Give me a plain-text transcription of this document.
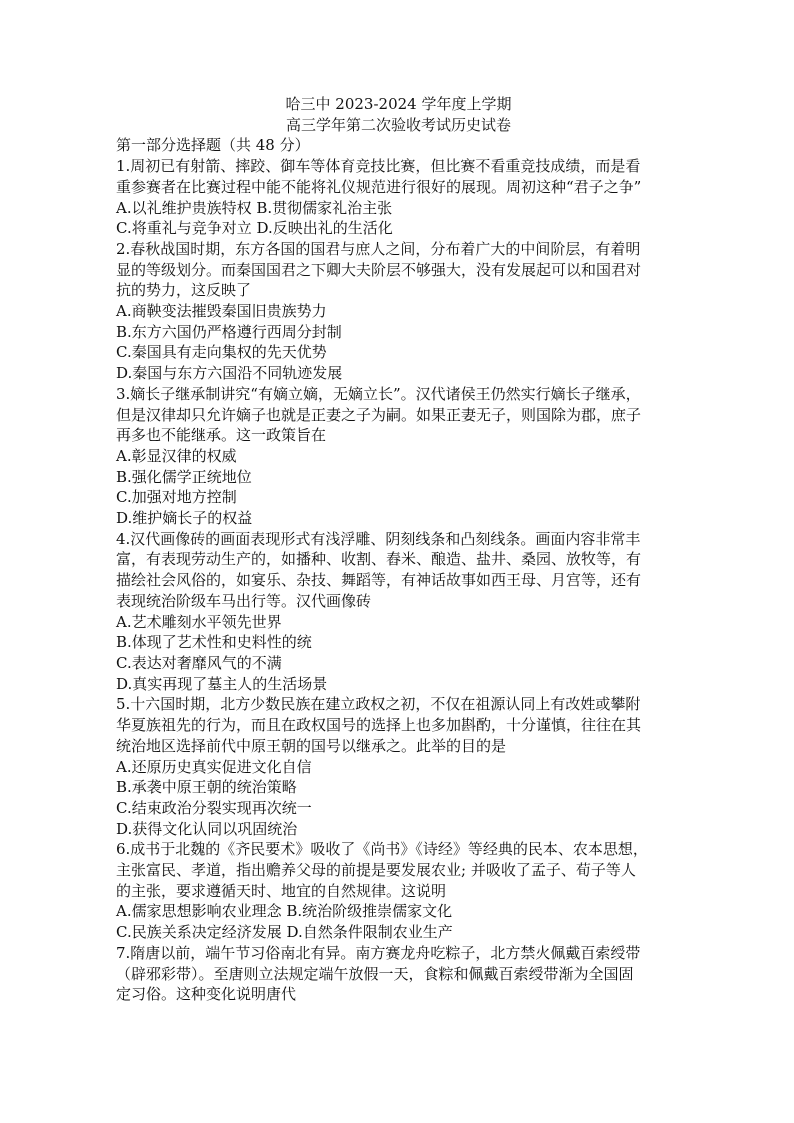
哈三中 2023-2024 学年度上学期
高三学年第二次验收考试历史试卷
第一部分选择题（共 48 分）
1.周初已有射箭、摔跤、御车等体育竞技比赛，但比赛不看重竞技成绩，而是看
重参赛者在比赛过程中能不能将礼仪规范进行很好的展现。周初这种“君子之争”
A.以礼维护贵族特权 B.贯彻儒家礼治主张
C.将重礼与竞争对立 D.反映出礼的生活化
2.春秋战国时期，东方各国的国君与庶人之间，分布着广大的中间阶层，有着明
显的等级划分。而秦国国君之下卿大夫阶层不够强大，没有发展起可以和国君对
抗的势力，这反映了
A.商鞅变法摧毁秦国旧贵族势力
B.东方六国仍严格遵行西周分封制
C.秦国具有走向集权的先天优势
D.秦国与东方六国沿不同轨迹发展
3.嫡长子继承制讲究“有嫡立嫡，无嫡立长”。汉代诸侯王仍然实行嫡长子继承，
但是汉律却只允许嫡子也就是正妻之子为嗣。如果正妻无子，则国除为郡，庶子
再多也不能继承。这一政策旨在
A.彰显汉律的权威
B.强化儒学正统地位
C.加强对地方控制
D.维护嫡长子的权益
4.汉代画像砖的画面表现形式有浅浮雕、阴刻线条和凸刻线条。画面内容非常丰
富，有表现劳动生产的，如播种、收割、舂米、酿造、盐井、桑园、放牧等，有
描绘社会风俗的，如宴乐、杂技、舞蹈等，有神话故事如西王母、月宫等，还有
表现统治阶级车马出行等。汉代画像砖
A.艺术雕刻水平领先世界
B.体现了艺术性和史料性的统
C.表达对奢靡风气的不满
D.真实再现了墓主人的生活场景
5.十六国时期，北方少数民族在建立政权之初，不仅在祖源认同上有改姓或攀附
华夏族祖先的行为，而且在政权国号的选择上也多加斟酌，十分谨慎，往往在其
统治地区选择前代中原王朝的国号以继承之。此举的目的是
A.还原历史真实促进文化自信
B.承袭中原王朝的统治策略
C.结束政治分裂实现再次统一
D.获得文化认同以巩固统治
6.成书于北魏的《齐民要术》吸收了《尚书》《诗经》等经典的民本、农本思想，
主张富民、孝道，指出赡养父母的前提是要发展农业; 并吸收了孟子、荀子等人
的主张，要求遵循天时、地宜的自然规律。这说明
A.儒家思想影响农业理念 B.统治阶级推崇儒家文化
C.民族关系决定经济发展 D.自然条件限制农业生产
7.隋唐以前，端午节习俗南北有异。南方赛龙舟吃粽子，北方禁火佩戴百索绶带
（辟邪彩带）。至唐则立法规定端午放假一天，食粽和佩戴百索绶带渐为全国固
定习俗。这种变化说明唐代
